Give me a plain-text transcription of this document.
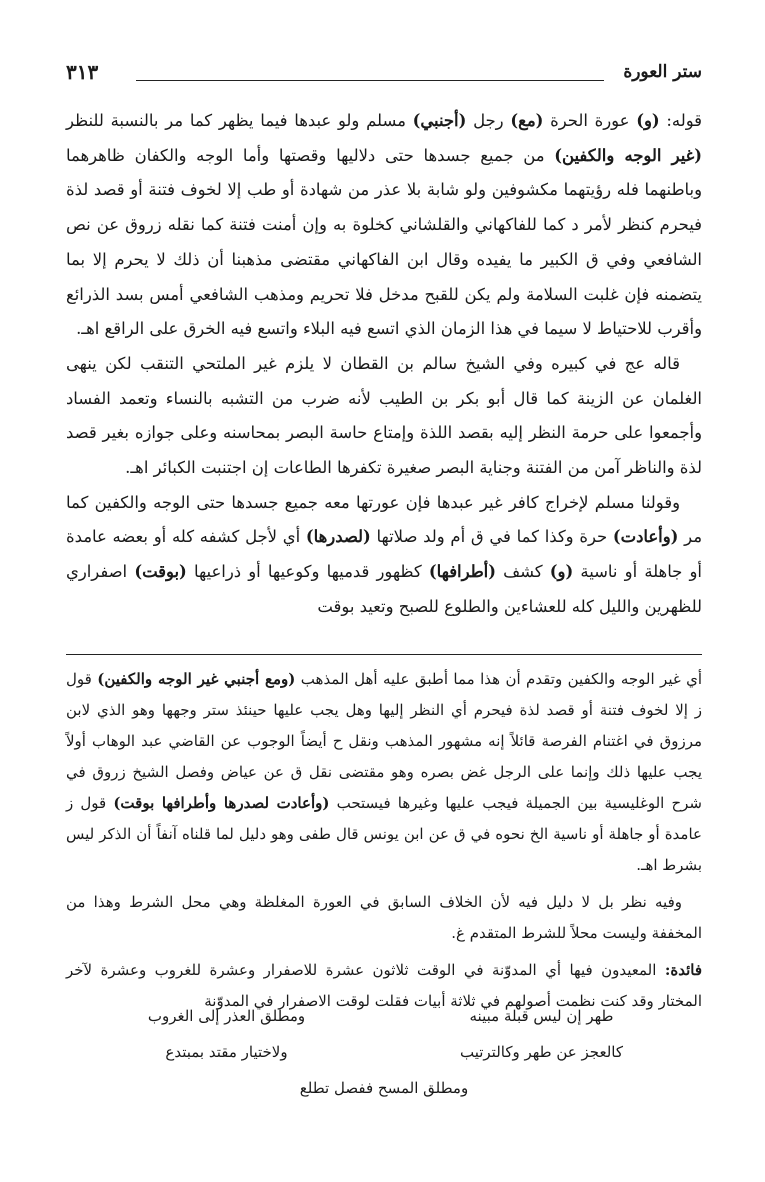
ستر العورة
٣١٣

قوله: (و) عورة الحرة (مع) رجل (أجنبي) مسلم ولو عبدها فيما يظهر كما مر بالنسبة للنظر (غير الوجه والكفين) من جميع جسدها حتى دلاليها وقصتها وأما الوجه والكفان ظاهرهما وباطنهما فله رؤيتهما مكشوفين ولو شابة بلا عذر من شهادة أو طب إلا لخوف فتنة أو قصد لذة فيحرم كنظر لأمر د كما للفاكهاني والقلشاني كخلوة به وإن أمنت فتنة كما نقله زروق عن نص الشافعي وفي ق الكبير ما يفيده وقال ابن الفاكهاني مقتضى مذهبنا أن ذلك لا يحرم إلا بما يتضمنه فإن غلبت السلامة ولم يكن للقبح مدخل فلا تحريم ومذهب الشافعي أمس بسد الذرائع وأقرب للاحتياط لا سيما في هذا الزمان الذي اتسع فيه البلاء واتسع فيه الخرق على الراقع اهـ.

قاله عج في كبيره وفي الشيخ سالم بن القطان لا يلزم غير الملتحي التنقب لكن ينهى الغلمان عن الزينة كما قال أبو بكر بن الطيب لأنه ضرب من التشبه بالنساء وتعمد الفساد وأجمعوا على حرمة النظر إليه بقصد اللذة وإمتاع حاسة البصر بمحاسنه وعلى جوازه بغير قصد لذة والناظر آمن من الفتنة وجناية البصر صغيرة تكفرها الطاعات إن اجتنبت الكبائر اهـ.

وقولنا مسلم لإخراج كافر غير عبدها فإن عورتها معه جميع جسدها حتى الوجه والكفين كما مر (وأعادت) حرة وكذا كما في ق أم ولد صلاتها (لصدرها) أي لأجل كشفه كله أو بعضه عامدة أو جاهلة أو ناسية (و) كشف (أطرافها) كظهور قدميها وكوعيها أو ذراعيها (بوقت) اصفراري للظهرين والليل كله للعشاءين والطلوع للصبح وتعيد بوقت

أي غير الوجه والكفين وتقدم أن هذا مما أطبق عليه أهل المذهب (ومع أجنبي غير الوجه والكفين) قول ز إلا لخوف فتنة أو قصد لذة فيحرم أي النظر إليها وهل يجب عليها حينئذ ستر وجهها وهو الذي لابن مرزوق في اغتنام الفرصة قائلاً إنه مشهور المذهب ونقل ح أيضاً الوجوب عن القاضي عبد الوهاب أولاً يجب عليها ذلك وإنما على الرجل غض بصره وهو مقتضى نقل ق عن عياض وفصل الشيخ زروق في شرح الوغليسية بين الجميلة فيجب عليها وغيرها فيستحب (وأعادت لصدرها وأطرافها بوقت) قول ز عامدة أو جاهلة أو ناسية الخ نحوه في ق عن ابن يونس قال طفى وهو دليل لما قلناه آنفاً أن الذكر ليس بشرط اهـ.

وفيه نظر بل لا دليل فيه لأن الخلاف السابق في العورة المغلظة وهي محل الشرط وهذا من المخففة وليست محلاً للشرط المتقدم غ.

فائدة: المعيدون فيها أي المدوّنة في الوقت ثلاثون عشرة للاصفرار وعشرة للغروب وعشرة لآخر المختار وقد كنت نظمت أصولهم في ثلاثة أبيات فقلت لوقت الاصفرار في المدوّنة

طهر إن ليس قبلة مبينه
ومطلق العذر إلى الغروب
كالعجز عن طهر وكالترتيب
ولاختيار مقتد بمبتدع
ومطلق المسح ففصل تطلع
